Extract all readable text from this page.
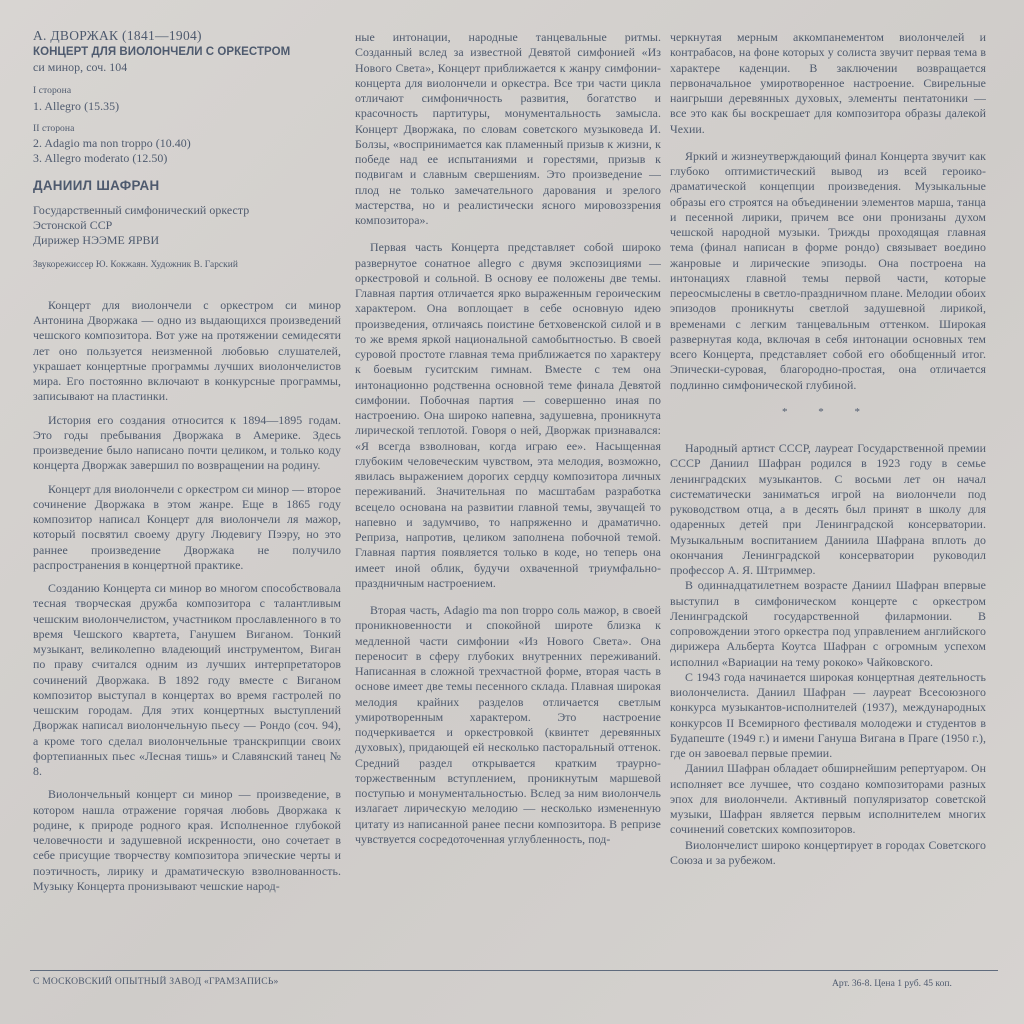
А. ДВОРЖАК (1841—1904)
КОНЦЕРТ ДЛЯ ВИОЛОНЧЕЛИ С ОРКЕСТРОМ
си минор, соч. 104
I сторона
1. Allegro (15.35)
II сторона
2. Adagio ma non troppo (10.40)
3. Allegro moderato (12.50)
ДАНИИЛ ШАФРАН
Государственный симфонический оркестр
Эстонской ССР
Дирижер НЭЭМЕ ЯРВИ
Звукорежиссер Ю. Кокжаян. Художник В. Гарский

Концерт для виолончели с оркестром си минор Антонина Дворжака — одно из выдающихся произведений чешского композитора. Вот уже на протяжении семидесяти лет оно пользуется неизменной любовью слушателей, украшает концертные программы лучших виолончелистов мира. Его постоянно включают в конкурсные программы, записывают на пластинки.

История его создания относится к 1894—1895 годам. Это годы пребывания Дворжака в Америке. Здесь произведение было написано почти целиком, и только коду концерта Дворжак завершил по возвращении на родину.

Концерт для виолончели с оркестром си минор — второе сочинение Дворжака в этом жанре. Еще в 1865 году композитор написал Концерт для виолончели ля мажор, который посвятил своему другу Людевигу Пээру, но это раннее произведение Дворжака не получило распространения в концертной практике.

Созданию Концерта си минор во многом способствовала тесная творческая дружба композитора с талантливым чешским виолончелистом, участником прославленного в то время Чешского квартета, Ганушем Виганом. Тонкий музыкант, великолепно владеющий инструментом, Виган по праву считался одним из лучших интерпретаторов сочинений Дворжака. В 1892 году вместе с Виганом композитор выступал в концертах во время гастролей по чешским городам. Для этих концертных выступлений Дворжак написал виолончельную пьесу — Рондо (соч. 94), а кроме того сделал виолончельные транскрипции своих фортепианных пьес «Лесная тишь» и Славянский танец № 8.

Виолончельный концерт си минор — произведение, в котором нашла отражение горячая любовь Дворжака к родине, к природе родного края. Исполненное глубокой человечности и задушевной искренности, оно сочетает в себе присущие творчеству композитора эпические черты и поэтичность, лирику и драматическую взволнованность. Музыку Концерта пронизывают чешские народ-

ные интонации, народные танцевальные ритмы. Созданный вслед за известной Девятой симфонией «Из Нового Света», Концерт приближается к жанру симфонии-концерта для виолончели и оркестра. Все три части цикла отличают симфоничность развития, богатство и красочность партитуры, монументальность замысла. Концерт Дворжака, по словам советского музыковеда И. Болзы, «воспринимается как пламенный призыв к жизни, к победе над ее испытаниями и горестями, призыв к подвигам и славным свершениям. Это произведение — плод не только замечательного дарования и зрелого мастерства, но и реалистически ясного мировоззрения композитора».

Первая часть Концерта представляет собой широко развернутое сонатное allegro с двумя экспозициями — оркестровой и сольной. В основу ее положены две темы. Главная партия отличается ярко выраженным героическим характером. Она воплощает в себе основную идею произведения, отличаясь поистине бетховенской силой и в то же время яркой национальной самобытностью. В своей суровой простоте главная тема приближается по характеру к боевым гуситским гимнам. Вместе с тем она интонационно родственна основной теме финала Девятой симфонии. Побочная партия — совершенно иная по настроению. Она широко напевна, задушевна, проникнута лирической теплотой. Говоря о ней, Дворжак признавался: «Я всегда взволнован, когда играю ее». Насыщенная глубоким человеческим чувством, эта мелодия, возможно, явилась выражением дорогих сердцу композитора личных переживаний. Значительная по масштабам разработка всецело основана на развитии главной темы, звучащей то напевно и задумчиво, то напряженно и драматично. Реприза, напротив, целиком заполнена побочной темой. Главная партия появляется только в коде, но теперь она имеет иной облик, будучи охваченной триумфально-праздничным настроением.

Вторая часть, Adagio ma non troppo соль мажор, в своей проникновенности и спокойной широте близка к медленной части симфонии «Из Нового Света». Она переносит в сферу глубоких внутренних переживаний. Написанная в сложной трехчастной форме, вторая часть в основе имеет две темы песенного склада. Плавная широкая мелодия крайних разделов отличается светлым умиротворенным характером. Это настроение подчеркивается и оркестровкой (квинтет деревянных духовых), придающей ей несколько пасторальный оттенок. Средний раздел открывается кратким траурно-торжественным вступлением, проникнутым маршевой поступью и монументальностью. Вслед за ним виолончель излагает лирическую мелодию — несколько измененную цитату из написанной ранее песни композитора. В репризе чувствуется сосредоточенная углубленность, под-

черкнутая мерным аккомпанементом виолончелей и контрабасов, на фоне которых у солиста звучит первая тема в характере каденции. В заключении возвращается первоначальное умиротворенное настроение. Свирельные наигрыши деревянных духовых, элементы пентатоники — все это как бы воскрешает для композитора образы далекой Чехии.

Яркий и жизнеутверждающий финал Концерта звучит как глубоко оптимистический вывод из всей героико-драматической концепции произведения. Музыкальные образы его строятся на объединении элементов марша, танца и песенной лирики, причем все они пронизаны духом чешской народной музыки. Трижды проходящая главная тема (финал написан в форме рондо) связывает воедино жанровые и лирические эпизоды. Она построена на интонациях главной темы первой части, которые переосмыслены в светло-праздничном плане. Мелодии обоих эпизодов проникнуты светлой задушевной лирикой, временами с легким танцевальным оттенком. Широкая развернутая кода, включая в себя интонации основных тем всего Концерта, представляет собой его обобщенный итог. Эпически-суровая, благородно-простая, она отличается подлинно симфонической глубиной.

* * *

Народный артист СССР, лауреат Государственной премии СССР Даниил Шафран родился в 1923 году в семье ленинградских музыкантов. С восьми лет он начал систематически заниматься игрой на виолончели под руководством отца, а в десять был принят в школу для одаренных детей при Ленинградской консерватории. Музыкальным воспитанием Даниила Шафрана вплоть до окончания Ленинградской консерватории руководил профессор А. Я. Штриммер.

В одиннадцатилетнем возрасте Даниил Шафран впервые выступил в симфоническом концерте с оркестром Ленинградской государственной филармонии. В сопровождении этого оркестра под управлением английского дирижера Альберта Коутса Шафран с огромным успехом исполнил «Вариации на тему рококо» Чайковского.

С 1943 года начинается широкая концертная деятельность виолончелиста. Даниил Шафран — лауреат Всесоюзного конкурса музыкантов-исполнителей (1937), международных конкурсов II Всемирного фестиваля молодежи и студентов в Будапеште (1949 г.) и имени Гануша Вигана в Праге (1950 г.), где он завоевал первые премии.

Даниил Шафран обладает обширнейшим репертуаром. Он исполняет все лучшее, что создано композиторами разных эпох для виолончели. Активный популяризатор советской музыки, Шафран является первым исполнителем многих сочинений советских композиторов.

Виолончелист широко концертирует в городах Советского Союза и за рубежом.

С МОСКОВСКИЙ ОПЫТНЫЙ ЗАВОД «ГРАМЗАПИСЬ»	Арт. 36-8. Цена 1 руб. 45 коп.
